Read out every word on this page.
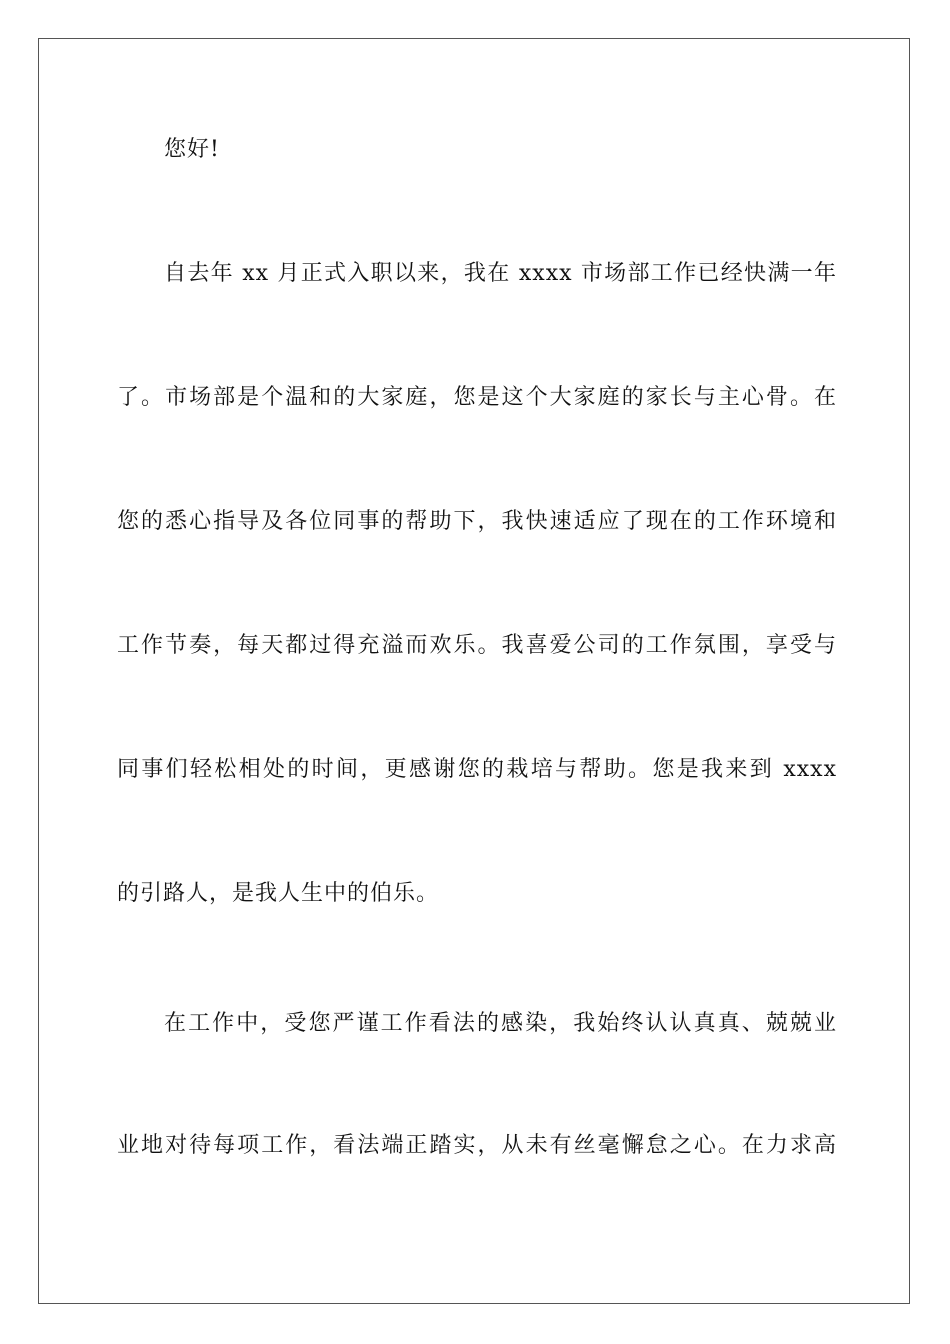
您好!
自去年 xx 月正式入职以来，我在 xxxx 市场部工作已经快满一年
了。市场部是个温和的大家庭，您是这个大家庭的家长与主心骨。在
您的悉心指导及各位同事的帮助下，我快速适应了现在的工作环境和
工作节奏，每天都过得充溢而欢乐。我喜爱公司的工作氛围，享受与
同事们轻松相处的时间，更感谢您的栽培与帮助。您是我来到 xxxx
的引路人，是我人生中的伯乐。
在工作中，受您严谨工作看法的感染，我始终认认真真、兢兢业
业地对待每项工作，看法端正踏实，从未有丝毫懈怠之心。在力求高
